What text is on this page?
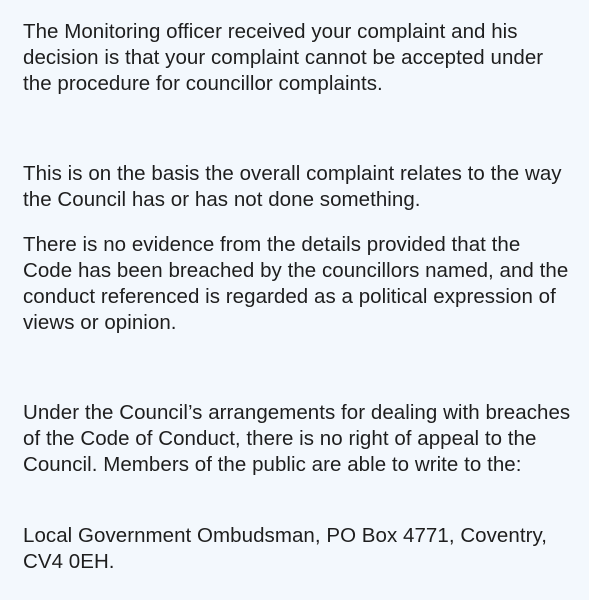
The Monitoring officer received your complaint and his decision is that your complaint cannot be accepted under the procedure for councillor complaints.

This is on the basis the overall complaint relates to the way the Council has or has not done something.

There is no evidence from the details provided that the Code has been breached by the councillors named, and the conduct referenced is regarded as a political expression of views or opinion.

Under the Council’s arrangements for dealing with breaches of the Code of Conduct, there is no right of appeal to the Council. Members of the public are able to write to the:

Local Government Ombudsman, PO Box 4771, Coventry, CV4 0EH.
